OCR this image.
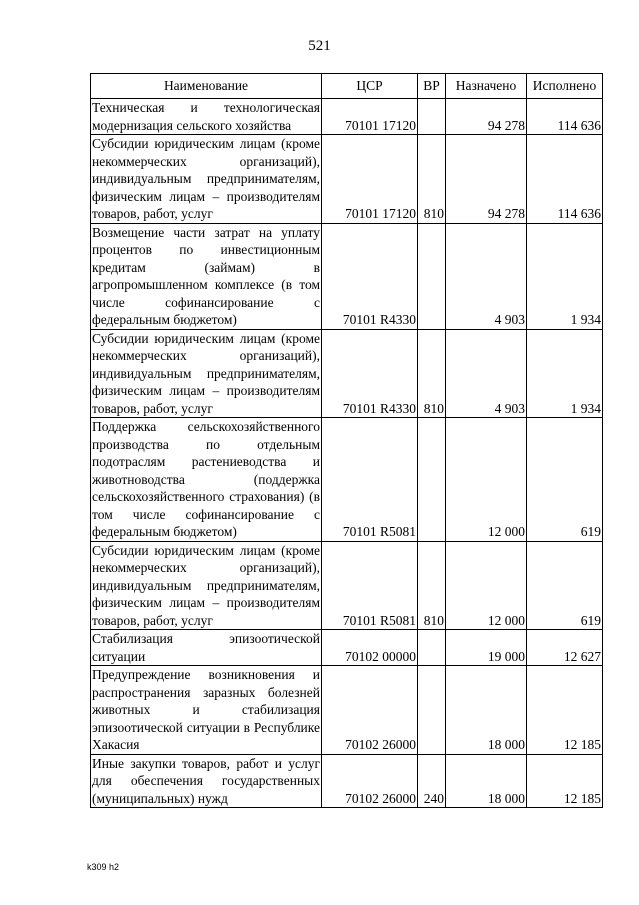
521
Наименование	ЦСР	ВР	Назначено	Исполнено
Техническая и технологическая модернизация сельского хозяйства	70101 17120		94 278	114 636
Субсидии юридическим лицам (кроме некоммерческих организаций), индивидуальным предпринимателям, физическим лицам – производителям товаров, работ, услуг	70101 17120	810	94 278	114 636
Возмещение части затрат на уплату процентов по инвестиционным кредитам (займам) в агропромышленном комплексе (в том числе софинансирование с федеральным бюджетом)	70101 R4330		4 903	1 934
Субсидии юридическим лицам (кроме некоммерческих организаций), индивидуальным предпринимателям, физическим лицам – производителям товаров, работ, услуг	70101 R4330	810	4 903	1 934
Поддержка сельскохозяйственного производства по отдельным подотраслям растениеводства и животноводства (поддержка сельскохозяйственного страхования) (в том числе софинансирование с федеральным бюджетом)	70101 R5081		12 000	619
Субсидии юридическим лицам (кроме некоммерческих организаций), индивидуальным предпринимателям, физическим лицам – производителям товаров, работ, услуг	70101 R5081	810	12 000	619
Стабилизация эпизоотической ситуации	70102 00000		19 000	12 627
Предупреждение возникновения и распространения заразных болезней животных и стабилизация эпизоотической ситуации в Республике Хакасия	70102 26000		18 000	12 185
Иные закупки товаров, работ и услуг для обеспечения государственных (муниципальных) нужд	70102 26000	240	18 000	12 185
k309 h2
